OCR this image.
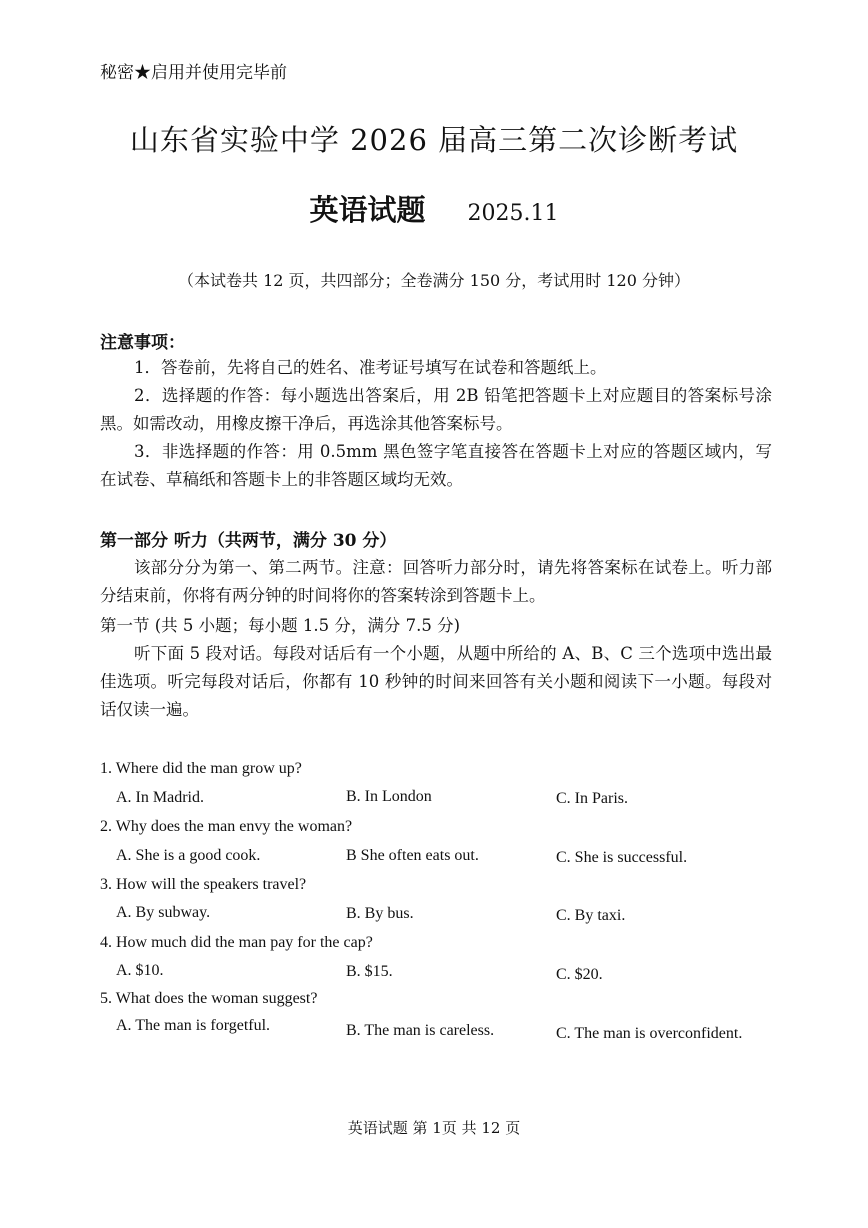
秘密★启用并使用完毕前
山东省实验中学 2026 届高三第二次诊断考试
英语试题 2025.11
（本试卷共 12 页，共四部分；全卷满分 150 分，考试用时 120 分钟）
注意事项：
1．答卷前，先将自己的姓名、准考证号填写在试卷和答题纸上。
2．选择题的作答：每小题选出答案后，用 2B 铅笔把答题卡上对应题目的答案标号涂黑。如需改动，用橡皮擦干净后，再选涂其他答案标号。
3．非选择题的作答：用 0.5mm 黑色签字笔直接答在答题卡上对应的答题区域内，写在试卷、草稿纸和答题卡上的非答题区域均无效。
第一部分 听力（共两节，满分 30 分）
该部分分为第一、第二两节。注意：回答听力部分时，请先将答案标在试卷上。听力部分结束前，你将有两分钟的时间将你的答案转涂到答题卡上。
第一节 (共 5 小题；每小题 1.5 分，满分 7.5 分)
听下面 5 段对话。每段对话后有一个小题，从题中所给的 A、B、C 三个选项中选出最佳选项。听完每段对话后，你都有 10 秒钟的时间来回答有关小题和阅读下一小题。每段对话仅读一遍。
1. Where did the man grow up?
A. In Madrid.	B. In London	C. In Paris.
2. Why does the man envy the woman?
A. She is a good cook.	B She often eats out.	C. She is successful.
3. How will the speakers travel?
A. By subway.	B. By bus.	C. By taxi.
4. How much did the man pay for the cap?
A. $10.	B. $15.	C. $20.
5. What does the woman suggest?
A. The man is forgetful.	B. The man is careless.	C. The man is overconfident.
英语试题 第 1页 共 12 页
